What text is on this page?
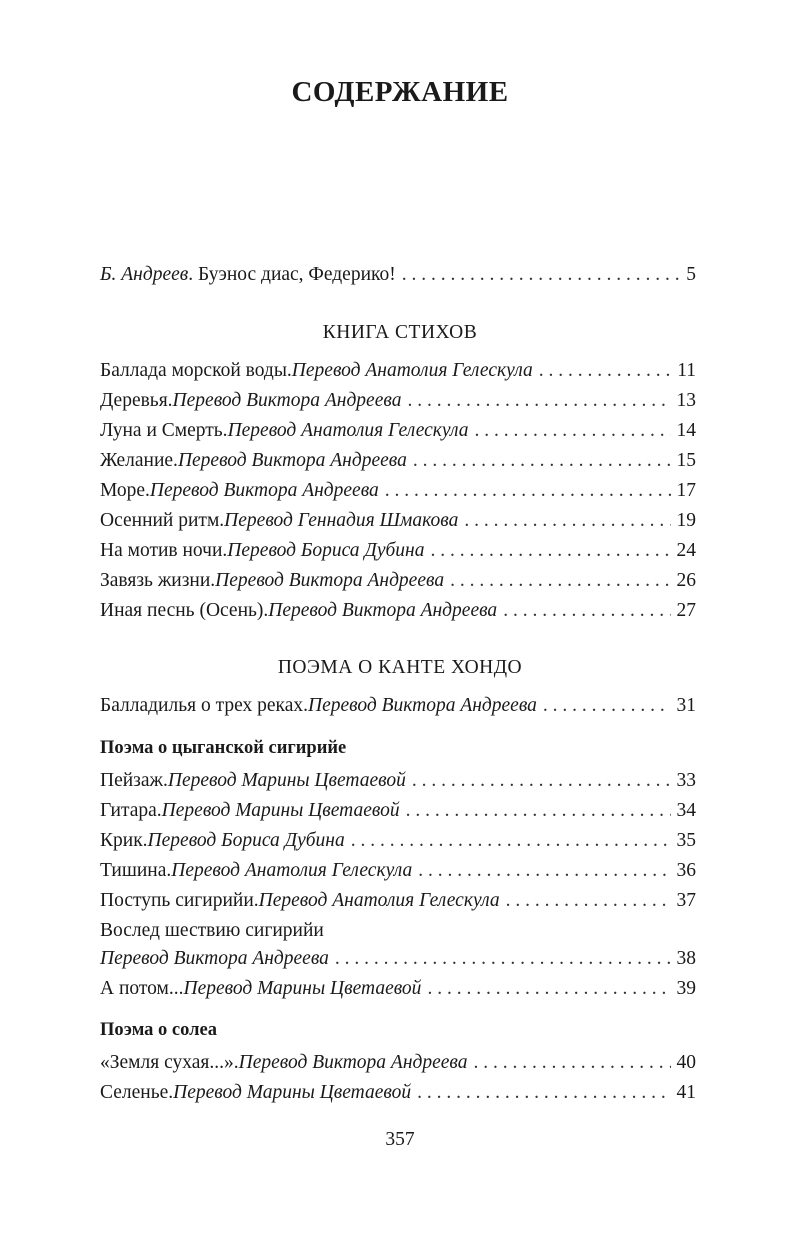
СОДЕРЖАНИЕ
Б. Андреев . Буэнос диас, Федерико! . . .	5
КНИГА СТИХОВ
Баллада морской воды. Перевод Анатолия Гелескула . . .	11
Деревья. Перевод Виктора Андреева . . .	13
Луна и Смерть. Перевод Анатолия Гелескула . . .	14
Желание. Перевод Виктора Андреева . . .	15
Море. Перевод Виктора Андреева . . .	17
Осенний ритм. Перевод Геннадия Шмакова . . .	19
На мотив ночи. Перевод Бориса Дубина . . .	24
Завязь жизни. Перевод Виктора Андреева . . .	26
Иная песнь (Осень). Перевод Виктора Андреева . . .	27
ПОЭМА О КАНТЕ ХОНДО
Балладилья о трех реках. Перевод Виктора Андреева . . .	31
Поэма о цыганской сигирийе
Пейзаж. Перевод Марины Цветаевой . . .	33
Гитара. Перевод Марины Цветаевой . . .	34
Крик. Перевод Бориса Дубина . . .	35
Тишина. Перевод Анатолия Гелескула . . .	36
Поступь сигирийи. Перевод Анатолия Гелескула . . .	37
Вослед шествию сигирийи
Перевод Виктора Андреева . . .	38
А потом... Перевод Марины Цветаевой . . .	39
Поэма о солеа
«Земля сухая...». Перевод Виктора Андреева . . .	40
Селенье. Перевод Марины Цветаевой . . .	41
357
